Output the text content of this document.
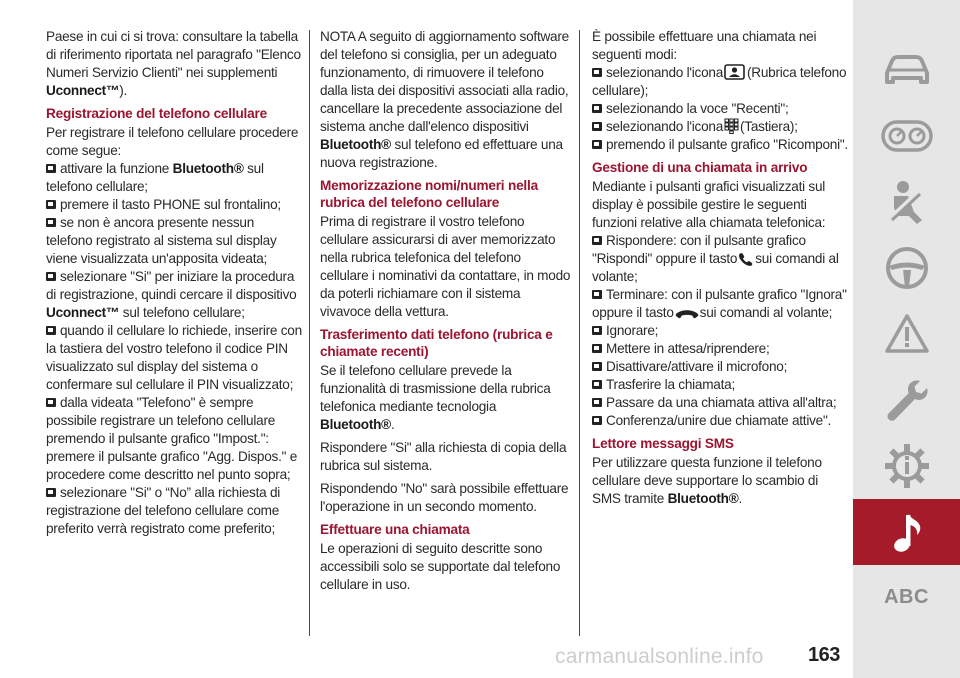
Paese in cui ci si trova: consultare la tabella di riferimento riportata nel paragrafo "Elenco Numeri Servizio Clienti" nei supplementi Uconnect™).

Registrazione del telefono cellulare

Per registrare il telefono cellulare procedere come segue:

attivare la funzione Bluetooth® sul telefono cellulare;

premere il tasto PHONE sul frontalino;

se non è ancora presente nessun telefono registrato al sistema sul display viene visualizzata un'apposita videata;

selezionare "Si" per iniziare la procedura di registrazione, quindi cercare il dispositivo Uconnect™ sul telefono cellulare;

quando il cellulare lo richiede, inserire con la tastiera del vostro telefono il codice PIN visualizzato sul display del sistema o confermare sul cellulare il PIN visualizzato;

dalla videata "Telefono" è sempre possibile registrare un telefono cellulare premendo il pulsante grafico "Impost.": premere il pulsante grafico "Agg. Dispos." e procedere come descritto nel punto sopra;

selezionare "Si" o “No” alla richiesta di registrazione del telefono cellulare come preferito verrà registrato come preferito;

NOTA A seguito di aggiornamento software del telefono si consiglia, per un adeguato funzionamento, di rimuovere il telefono dalla lista dei dispositivi associati alla radio, cancellare la precedente associazione del sistema anche dall'elenco dispositivi Bluetooth® sul telefono ed effettuare una nuova registrazione.

Memorizzazione nomi/numeri nella rubrica del telefono cellulare

Prima di registrare il vostro telefono cellulare assicurarsi di aver memorizzato nella rubrica telefonica del telefono cellulare i nominativi da contattare, in modo da poterli richiamare con il sistema vivavoce della vettura.

Trasferimento dati telefono (rubrica e chiamate recenti)

Se il telefono cellulare prevede la funzionalità di trasmissione della rubrica telefonica mediante tecnologia Bluetooth®.

Rispondere "Si" alla richiesta di copia della rubrica sul sistema.

Rispondendo "No" sarà possibile effettuare l'operazione in un secondo momento.

Effettuare una chiamata

Le operazioni di seguito descritte sono accessibili solo se supportate dal telefono cellulare in uso.

È possibile effettuare una chiamata nei seguenti modi:

selezionando l'icona (Rubrica telefono cellulare);

selezionando la voce "Recenti";

selezionando l'icona (Tastiera);

premendo il pulsante grafico "Ricomponi".

Gestione di una chiamata in arrivo

Mediante i pulsanti grafici visualizzati sul display è possibile gestire le seguenti funzioni relative alla chiamata telefonica:

Rispondere: con il pulsante grafico "Rispondi" oppure il tasto sui comandi al volante;

Terminare: con il pulsante grafico "Ignora" oppure il tasto sui comandi al volante;

Ignorare;

Mettere in attesa/riprendere;

Disattivare/attivare il microfono;

Trasferire la chiamata;

Passare da una chiamata attiva all'altra;

Conferenza/unire due chiamate attive".

Lettore messaggi SMS

Per utilizzare questa funzione il telefono cellulare deve supportare lo scambio di SMS tramite Bluetooth®.

ABC
carmanualsonline.info 163
